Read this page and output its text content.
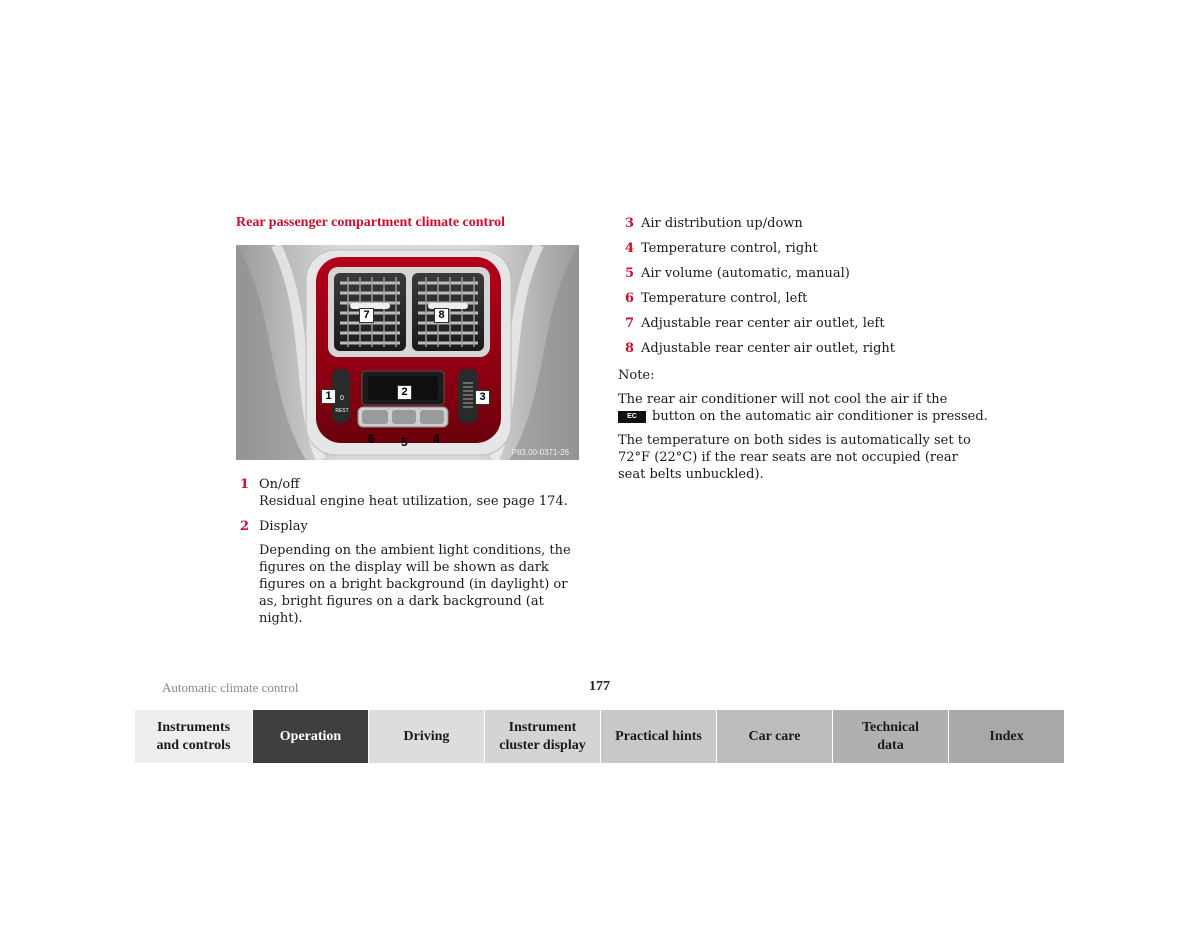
Rear passenger compartment climate control
0
REST
7	8
1	2	3
6 5 4
P83.00-0371-26
1 On/off
Residual engine heat utilization, see page 174.
2 Display
Depending on the ambient light conditions, the figures on the display will be shown as dark figures on a bright background (in daylight) or as, bright figures on a dark background (at night).
3 Air distribution up/down
4 Temperature control, right
5 Air volume (automatic, manual)
6 Temperature control, left
7 Adjustable rear center air outlet, left
8 Adjustable rear center air outlet, right
Note:
The rear air conditioner will not cool the air if the
EC button on the automatic air conditioner is pressed.
The temperature on both sides is automatically set to 72°F (22°C) if the rear seats are not occupied (rear seat belts unbuckled).
Automatic climate control	177
Instruments and controls
Operation	Driving
Instrument cluster display
Practical hints	Car care
Technical data
Index
